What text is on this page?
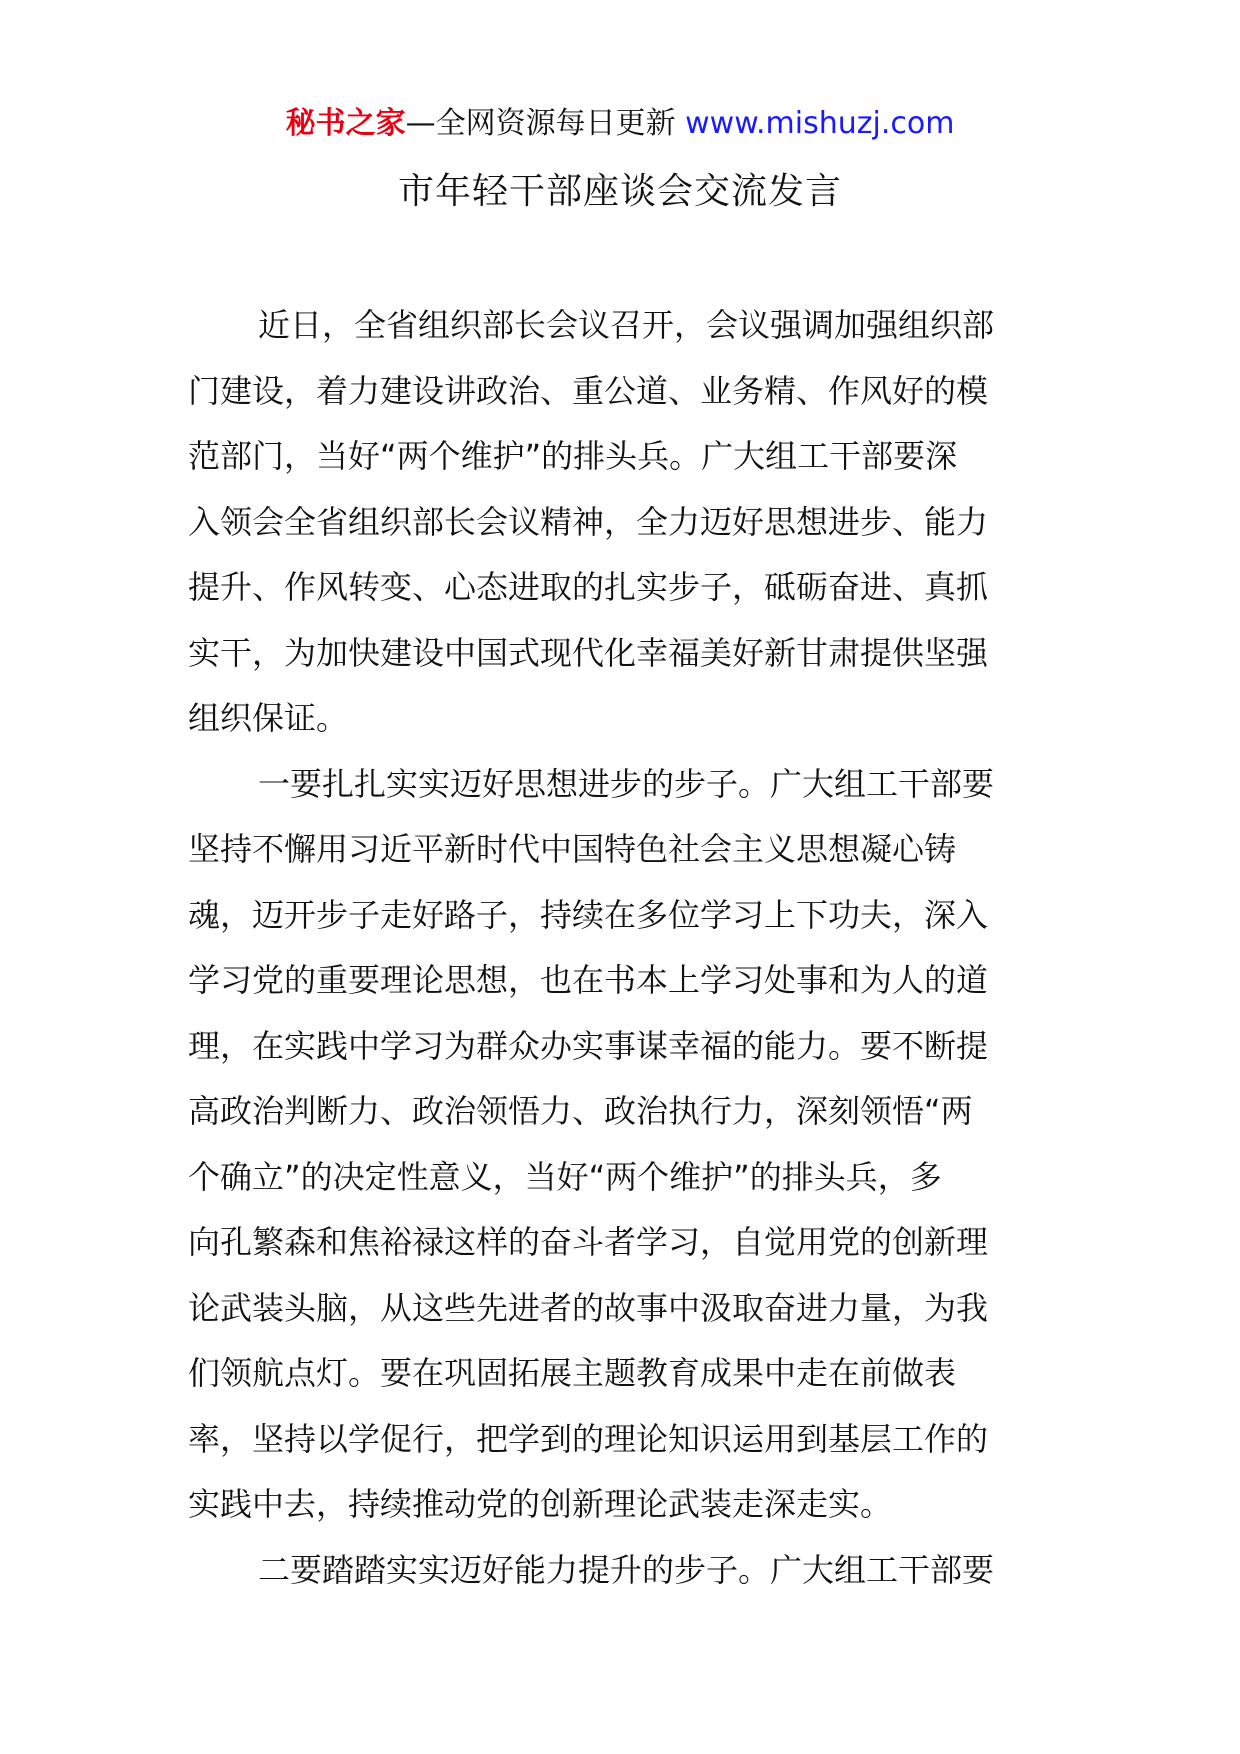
秘书之家—全网资源每日更新 www.mishuzj.com
市年轻干部座谈会交流发言

近日，全省组织部长会议召开，会议强调加强组织部
门建设，着力建设讲政治、重公道、业务精、作风好的模
范部门，当好“两个维护”的排头兵。广大组工干部要深
入领会全省组织部长会议精神，全力迈好思想进步、能力
提升、作风转变、心态进取的扎实步子，砥砺奋进、真抓
实干，为加快建设中国式现代化幸福美好新甘肃提供坚强
组织保证。

一要扎扎实实迈好思想进步的步子。广大组工干部要
坚持不懈用习近平新时代中国特色社会主义思想凝心铸
魂，迈开步子走好路子，持续在多位学习上下功夫，深入
学习党的重要理论思想，也在书本上学习处事和为人的道
理，在实践中学习为群众办实事谋幸福的能力。要不断提
高政治判断力、政治领悟力、政治执行力，深刻领悟“两
个确立”的决定性意义，当好“两个维护”的排头兵，多
向孔繁森和焦裕禄这样的奋斗者学习，自觉用党的创新理
论武装头脑，从这些先进者的故事中汲取奋进力量，为我
们领航点灯。要在巩固拓展主题教育成果中走在前做表
率，坚持以学促行，把学到的理论知识运用到基层工作的
实践中去，持续推动党的创新理论武装走深走实。

二要踏踏实实迈好能力提升的步子。广大组工干部要
